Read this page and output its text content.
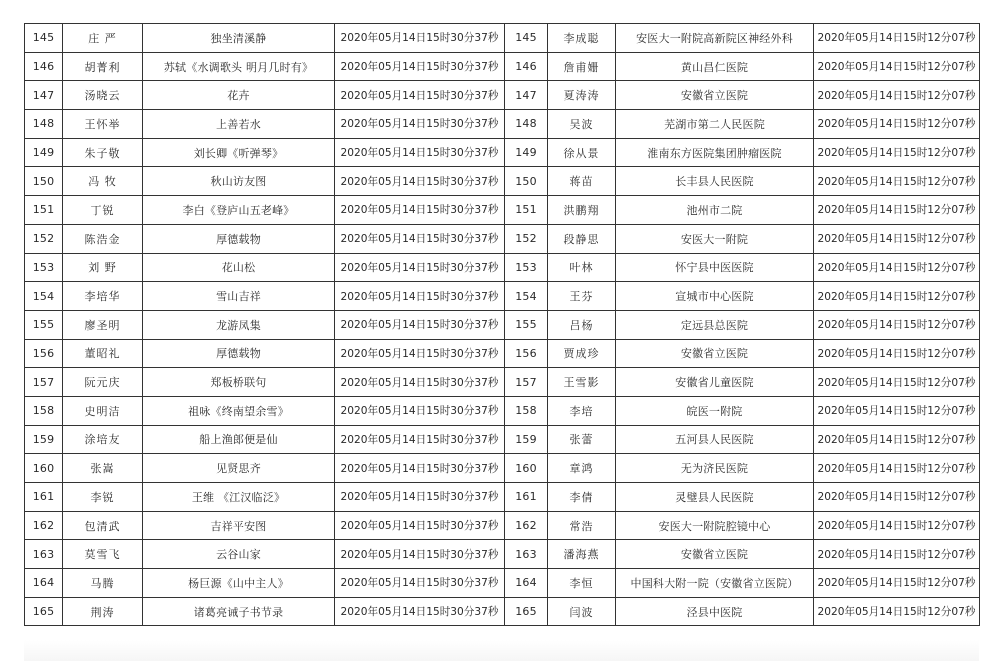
145	庄 严	独坐清溪静	2020年05月14日15时30分37秒	145	李成聪	安医大一附院高新院区神经外科	2020年05月14日15时12分07秒
146	胡菁利	苏轼《水调歌头 明月几时有》	2020年05月14日15时30分37秒	146	詹甫姗	黄山昌仁医院	2020年05月14日15时12分07秒
147	汤晓云	花卉	2020年05月14日15时30分37秒	147	夏涛涛	安徽省立医院	2020年05月14日15时12分07秒
148	王怀举	上善若水	2020年05月14日15时30分37秒	148	吴波	芜湖市第二人民医院	2020年05月14日15时12分07秒
149	朱子敬	刘长卿《听弹琴》	2020年05月14日15时30分37秒	149	徐从景	淮南东方医院集团肿瘤医院	2020年05月14日15时12分07秒
150	冯 牧	秋山访友图	2020年05月14日15时30分37秒	150	蒋苗	长丰县人民医院	2020年05月14日15时12分07秒
151	丁锐	李白《登庐山五老峰》	2020年05月14日15时30分37秒	151	洪鹏翔	池州市二院	2020年05月14日15时12分07秒
152	陈浩金	厚德载物	2020年05月14日15时30分37秒	152	段静思	安医大一附院	2020年05月14日15时12分07秒
153	刘 野	花山松	2020年05月14日15时30分37秒	153	叶林	怀宁县中医医院	2020年05月14日15时12分07秒
154	李培华	雪山吉祥	2020年05月14日15时30分37秒	154	王芬	宣城市中心医院	2020年05月14日15时12分07秒
155	廖圣明	龙游凤集	2020年05月14日15时30分37秒	155	吕杨	定远县总医院	2020年05月14日15时12分07秒
156	董昭礼	厚德载物	2020年05月14日15时30分37秒	156	贾成珍	安徽省立医院	2020年05月14日15时12分07秒
157	阮元庆	郑板桥联句	2020年05月14日15时30分37秒	157	王雪影	安徽省儿童医院	2020年05月14日15时12分07秒
158	史明洁	祖咏《终南望余雪》	2020年05月14日15时30分37秒	158	李培	皖医一附院	2020年05月14日15时12分07秒
159	涂培友	船上渔郎便是仙	2020年05月14日15时30分37秒	159	张蕾	五河县人民医院	2020年05月14日15时12分07秒
160	张嵩	见贤思齐	2020年05月14日15时30分37秒	160	章鸿	无为济民医院	2020年05月14日15时12分07秒
161	李锐	王维 《江汉临泛》	2020年05月14日15时30分37秒	161	李倩	灵璧县人民医院	2020年05月14日15时12分07秒
162	包清武	吉祥平安图	2020年05月14日15时30分37秒	162	常浩	安医大一附院腔镜中心	2020年05月14日15时12分07秒
163	莫雪飞	云谷山家	2020年05月14日15时30分37秒	163	潘海燕	安徽省立医院	2020年05月14日15时12分07秒
164	马腾	杨巨源《山中主人》	2020年05月14日15时30分37秒	164	李恒	中国科大附一院（安徽省立医院）	2020年05月14日15时12分07秒
165	荆涛	诸葛亮诫子书节录	2020年05月14日15时30分37秒	165	闫波	泾县中医院	2020年05月14日15时12分07秒
